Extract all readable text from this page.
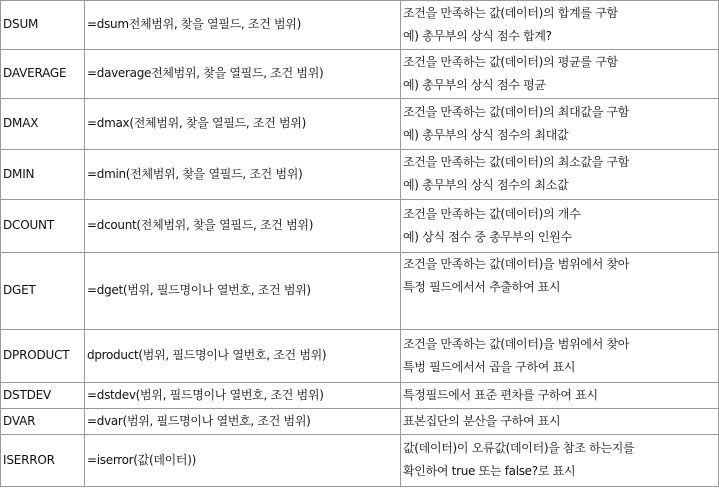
DSUM	=dsum전체범위, 찾을 열필드, 조건 범위)	조건을 만족하는 값(데이터)의 합계를 구함
예) 총무부의 상식 점수 합계?

DAVERAGE	=daverage전체범위, 찾을 열필드, 조건 범위)	조건을 만족하는 값(데이터)의 평균를 구함
예) 총무부의 상식 점수 평균

DMAX	=dmax(전체범위, 찾을 열필드, 조건 범위)	조건을 만족하는 값(데이터)의 최대값을 구함
예) 총무부의 상식 점수의 최대값

DMIN	=dmin(전체범위, 찾을 열필드, 조건 범위)	조건을 만족하는 값(데이터)의 최소값을 구함
예) 총무부의 상식 점수의 최소값

DCOUNT	=dcount(전체범위, 찾을 열필드, 조건 범위)	조건을 만족하는 값(데이터)의 개수
예) 상식 점수 중 총무부의 인원수

DGET	=dget(범위, 필드명이나 열번호, 조건 범위)	조건을 만족하는 값(데이터)을 범위에서 찾아
특정 필드에서서 추출하여 표시

DPRODUCT	dproduct(범위, 필드명이나 열번호, 조건 범위)	조건을 만족하는 값(데이터)을 범위에서 찾아
특벙 필드에서서 곱을 구하여 표시

DSTDEV	=dstdev(범위, 필드명이나 열번호, 조건 범위)	특정필드에서 표준 편차를 구하여 표시

DVAR	=dvar(범위, 필드명이나 열번호, 조건 범위)	표본집단의 분산을 구하여 표시

ISERROR	=iserror(값(데이터))	값(데이터)이 오류값(데이터)을 참조 하는지를
확인하여 true 또는 false?로 표시
